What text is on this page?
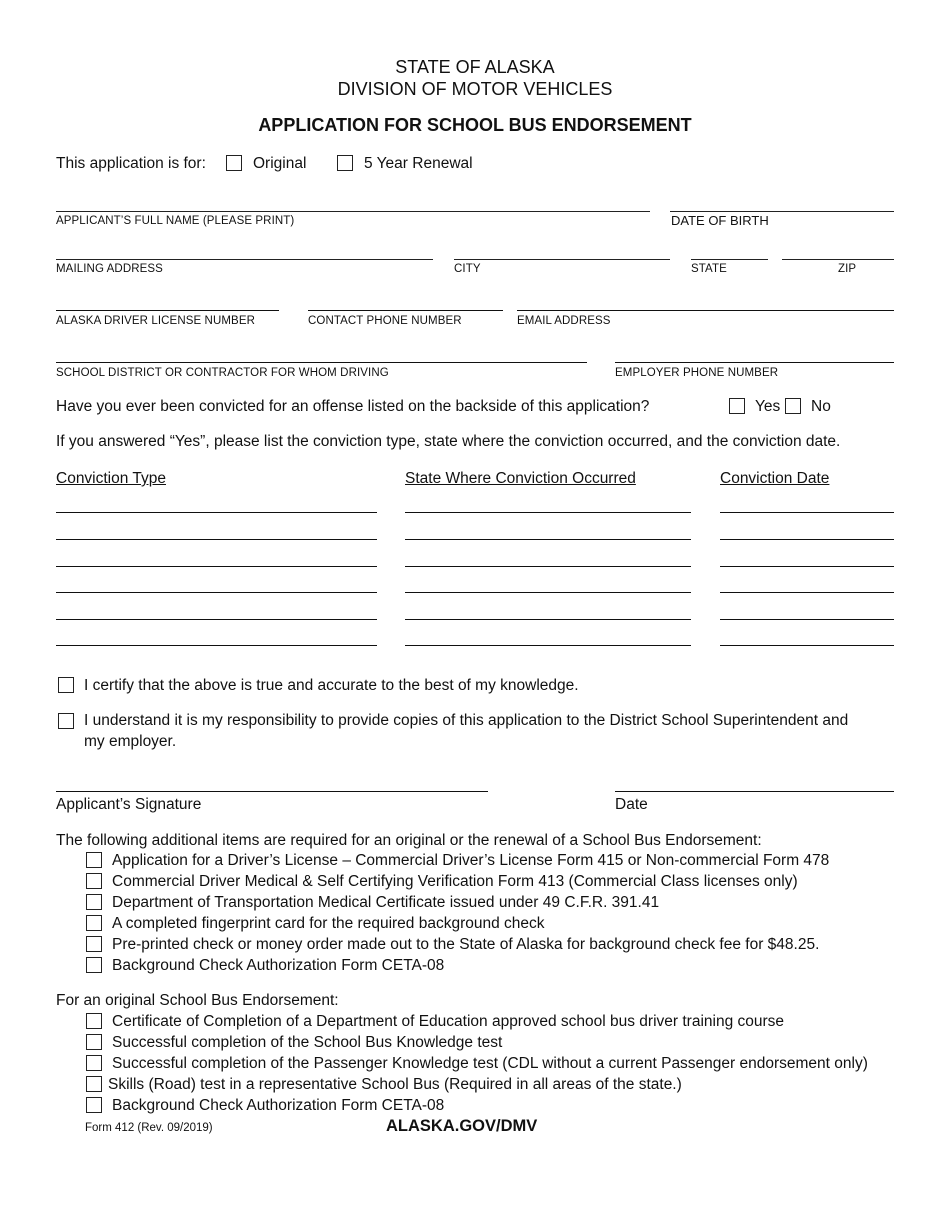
STATE OF ALASKA
DIVISION OF MOTOR VEHICLES
APPLICATION FOR SCHOOL BUS ENDORSEMENT
This application is for:	Original	5 Year Renewal
APPLICANT’S FULL NAME (PLEASE PRINT)	DATE OF BIRTH
MAILING ADDRESS	CITY	STATE	ZIP
ALASKA DRIVER LICENSE NUMBER	CONTACT PHONE NUMBER	EMAIL ADDRESS
SCHOOL DISTRICT OR CONTRACTOR FOR WHOM DRIVING	EMPLOYER PHONE NUMBER
Have you ever been convicted for an offense listed on the backside of this application?	Yes No
If you answered “Yes”, please list the conviction type, state where the conviction occurred, and the conviction date.
Conviction Type	State Where Conviction Occurred	Conviction Date
I certify that the above is true and accurate to the best of my knowledge.
I understand it is my responsibility to provide copies of this application to the District School Superintendent and
my employer.
Applicant’s Signature	Date
The following additional items are required for an original or the renewal of a School Bus Endorsement:
Application for a Driver’s License – Commercial Driver’s License Form 415 or Non-commercial Form 478
Commercial Driver Medical & Self Certifying Verification Form 413 (Commercial Class licenses only)
Department of Transportation Medical Certificate issued under 49 C.F.R. 391.41
A completed fingerprint card for the required background check
Pre-printed check or money order made out to the State of Alaska for background check fee for $48.25.
Background Check Authorization Form CETA-08
For an original School Bus Endorsement:
Certificate of Completion of a Department of Education approved school bus driver training course
Successful completion of the School Bus Knowledge test
Successful completion of the Passenger Knowledge test (CDL without a current Passenger endorsement only)
Skills (Road) test in a representative School Bus (Required in all areas of the state.)
Background Check Authorization Form CETA-08
Form 412 (Rev. 09/2019)	ALASKA.GOV/DMV
